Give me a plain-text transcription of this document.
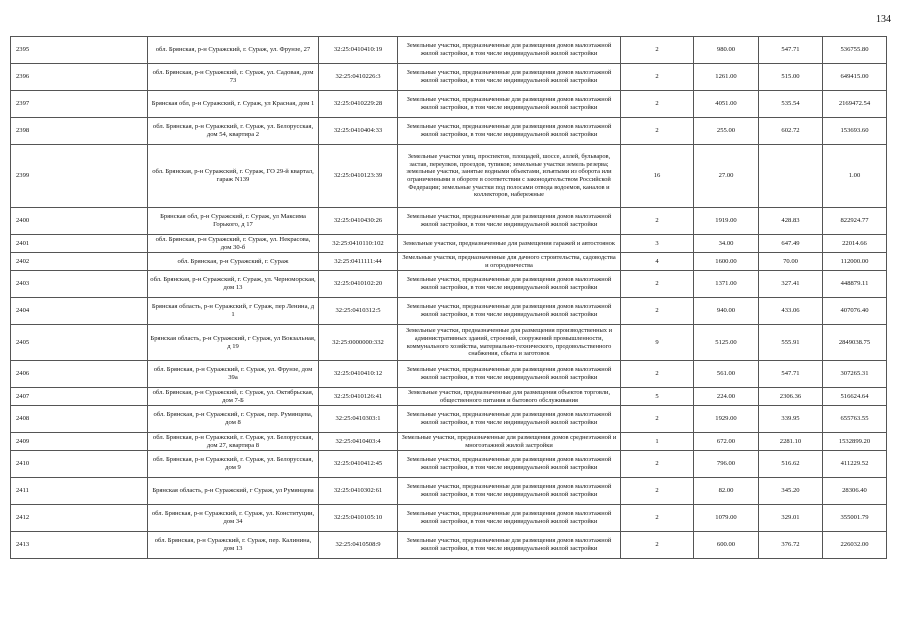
134
2395	обл. Брянская, р-н Суражский, г. Сураж, ул. Фрунзе, 27	32:25:0410410:19	Земельные участки, предназначенные для размещения домов малоэтажной жилой застройки, в том числе индивидуальной жилой застройки	2	980.00	547.71	536755.80
2396	обл. Брянская, р-н Суражский, г. Сураж, ул. Садовая, дом 73	32:25:0410226:3	Земельные участки, предназначенные для размещения домов малоэтажной жилой застройки, в том числе индивидуальной жилой застройки	2	1261.00	515.00	649415.00
2397	Брянская обл, р-н Суражский, г. Сураж, ул Красная, дом 1	32:25:0410229:28	Земельные участки, предназначенные для размещения домов малоэтажной жилой застройки, в том числе индивидуальной жилой застройки	2	4051.00	535.54	2169472.54
2398	обл. Брянская, р-н Суражский, г. Сураж, ул. Белорусская, дом 54, квартира 2	32:25:0410404:33	Земельные участки, предназначенные для размещения домов малоэтажной жилой застройки, в том числе индивидуальной жилой застройки	2	255.00	602.72	153693.60
2399	обл. Брянская, р-н Суражский, г. Сураж, ГО 29-й квартал, гараж N139	32:25:0410123:39	Земельные участки улиц, проспектов, площадей, шоссе, аллей, бульваров, застав, переулков, проездов, тупиков; земельные участки земель резерва; земельные участки, занятые водными объектами, изъятыми из оборота или ограниченными в обороте в соответствии с законодательством Российской Федерации; земельные участки под полосами отвода водоемов, каналов и коллекторов, набережные	16	27.00		1.00
2400	Брянская обл, р-н Суражский, г. Сураж, ул Максима Горького, д 17	32:25:0410430:26	Земельные участки, предназначенные для размещения домов малоэтажной жилой застройки, в том числе индивидуальной жилой застройки	2	1919.00	428.83	822924.77
2401	обл. Брянская, р-н Суражский, г. Сураж, ул. Некрасова, дом 30-б	32:25:0410110:102	Земельные участки, предназначенные для размещения гаражей и автостоянок	3	34.00	647.49	22014.66
2402	обл. Брянская, р-н Суражский, г. Сураж	32:25:0411111:44	Земельные участки, предназначенные для дачного строительства, садоводства и огородничества	4	1600.00	70.00	112000.00
2403	обл. Брянская, р-н Суражский, г. Сураж, ул. Черноморская, дом 13	32:25:0410102:20	Земельные участки, предназначенные для размещения домов малоэтажной жилой застройки, в том числе индивидуальной жилой застройки	2	1371.00	327.41	448879.11
2404	Брянская область, р-н Суражский, г Сураж, пер Ленина, д 1	32:25:0410312:5	Земельные участки, предназначенные для размещения домов малоэтажной жилой застройки, в том числе индивидуальной жилой застройки	2	940.00	433.06	407076.40
2405	Брянская область, р-н Суражский, г Сураж, ул Вокзальная, д 19	32:25:0000000:332	Земельные участки, предназначенные для размещения производственных и административных зданий, строений, сооружений промышленности, коммунального хозяйства, материально-технического, продовольственного снабжения, сбыта и заготовок	9	5125.00	555.91	2849038.75
2406	обл. Брянская, р-н Суражский, г. Сураж, ул. Фрунзе, дом 39а	32:25:0410410:12	Земельные участки, предназначенные для размещения домов малоэтажной жилой застройки, в том числе индивидуальной жилой застройки	2	561.00	547.71	307265.31
2407	обл. Брянская, р-н Суражский, г. Сураж, ул. Октябрьская, дом 7-Б	32:25:0410126:41	Земельные участки, предназначенные для размещения объектов торговли, общественного питания и бытового обслуживания	5	224.00	2306.36	516624.64
2408	обл. Брянская, р-н Суражский, г. Сураж, пер. Румянцева, дом 8	32:25:0410303:1	Земельные участки, предназначенные для размещения домов малоэтажной жилой застройки, в том числе индивидуальной жилой застройки	2	1929.00	339.95	655763.55
2409	обл. Брянская, р-н Суражский, г. Сураж, ул. Белорусская, дом 27, квартира 8	32:25:0410403:4	Земельные участки, предназначенные для размещения домов среднеэтажной и многоэтажной жилой застройки	1	672.00	2281.10	1532899.20
2410	обл. Брянская, р-н Суражский, г. Сураж, ул. Белорусская, дом 9	32:25:0410412:45	Земельные участки, предназначенные для размещения домов малоэтажной жилой застройки, в том числе индивидуальной жилой застройки	2	796.00	516.62	411229.52
2411	Брянская область, р-н Суражский, г Сураж, ул Румянцева	32:25:0410302:61	Земельные участки, предназначенные для размещения домов малоэтажной жилой застройки, в том числе индивидуальной жилой застройки	2	82.00	345.20	28306.40
2412	обл. Брянская, р-н Суражский, г. Сураж, ул. Конституции, дом 34	32:25:0410105:10	Земельные участки, предназначенные для размещения домов малоэтажной жилой застройки, в том числе индивидуальной жилой застройки	2	1079.00	329.01	355001.79
2413	обл. Брянская, р-н Суражский, г. Сураж, пер. Калинина, дом 13	32:25:0410508:9	Земельные участки, предназначенные для размещения домов малоэтажной жилой застройки, в том числе индивидуальной жилой застройки	2	600.00	376.72	226032.00
